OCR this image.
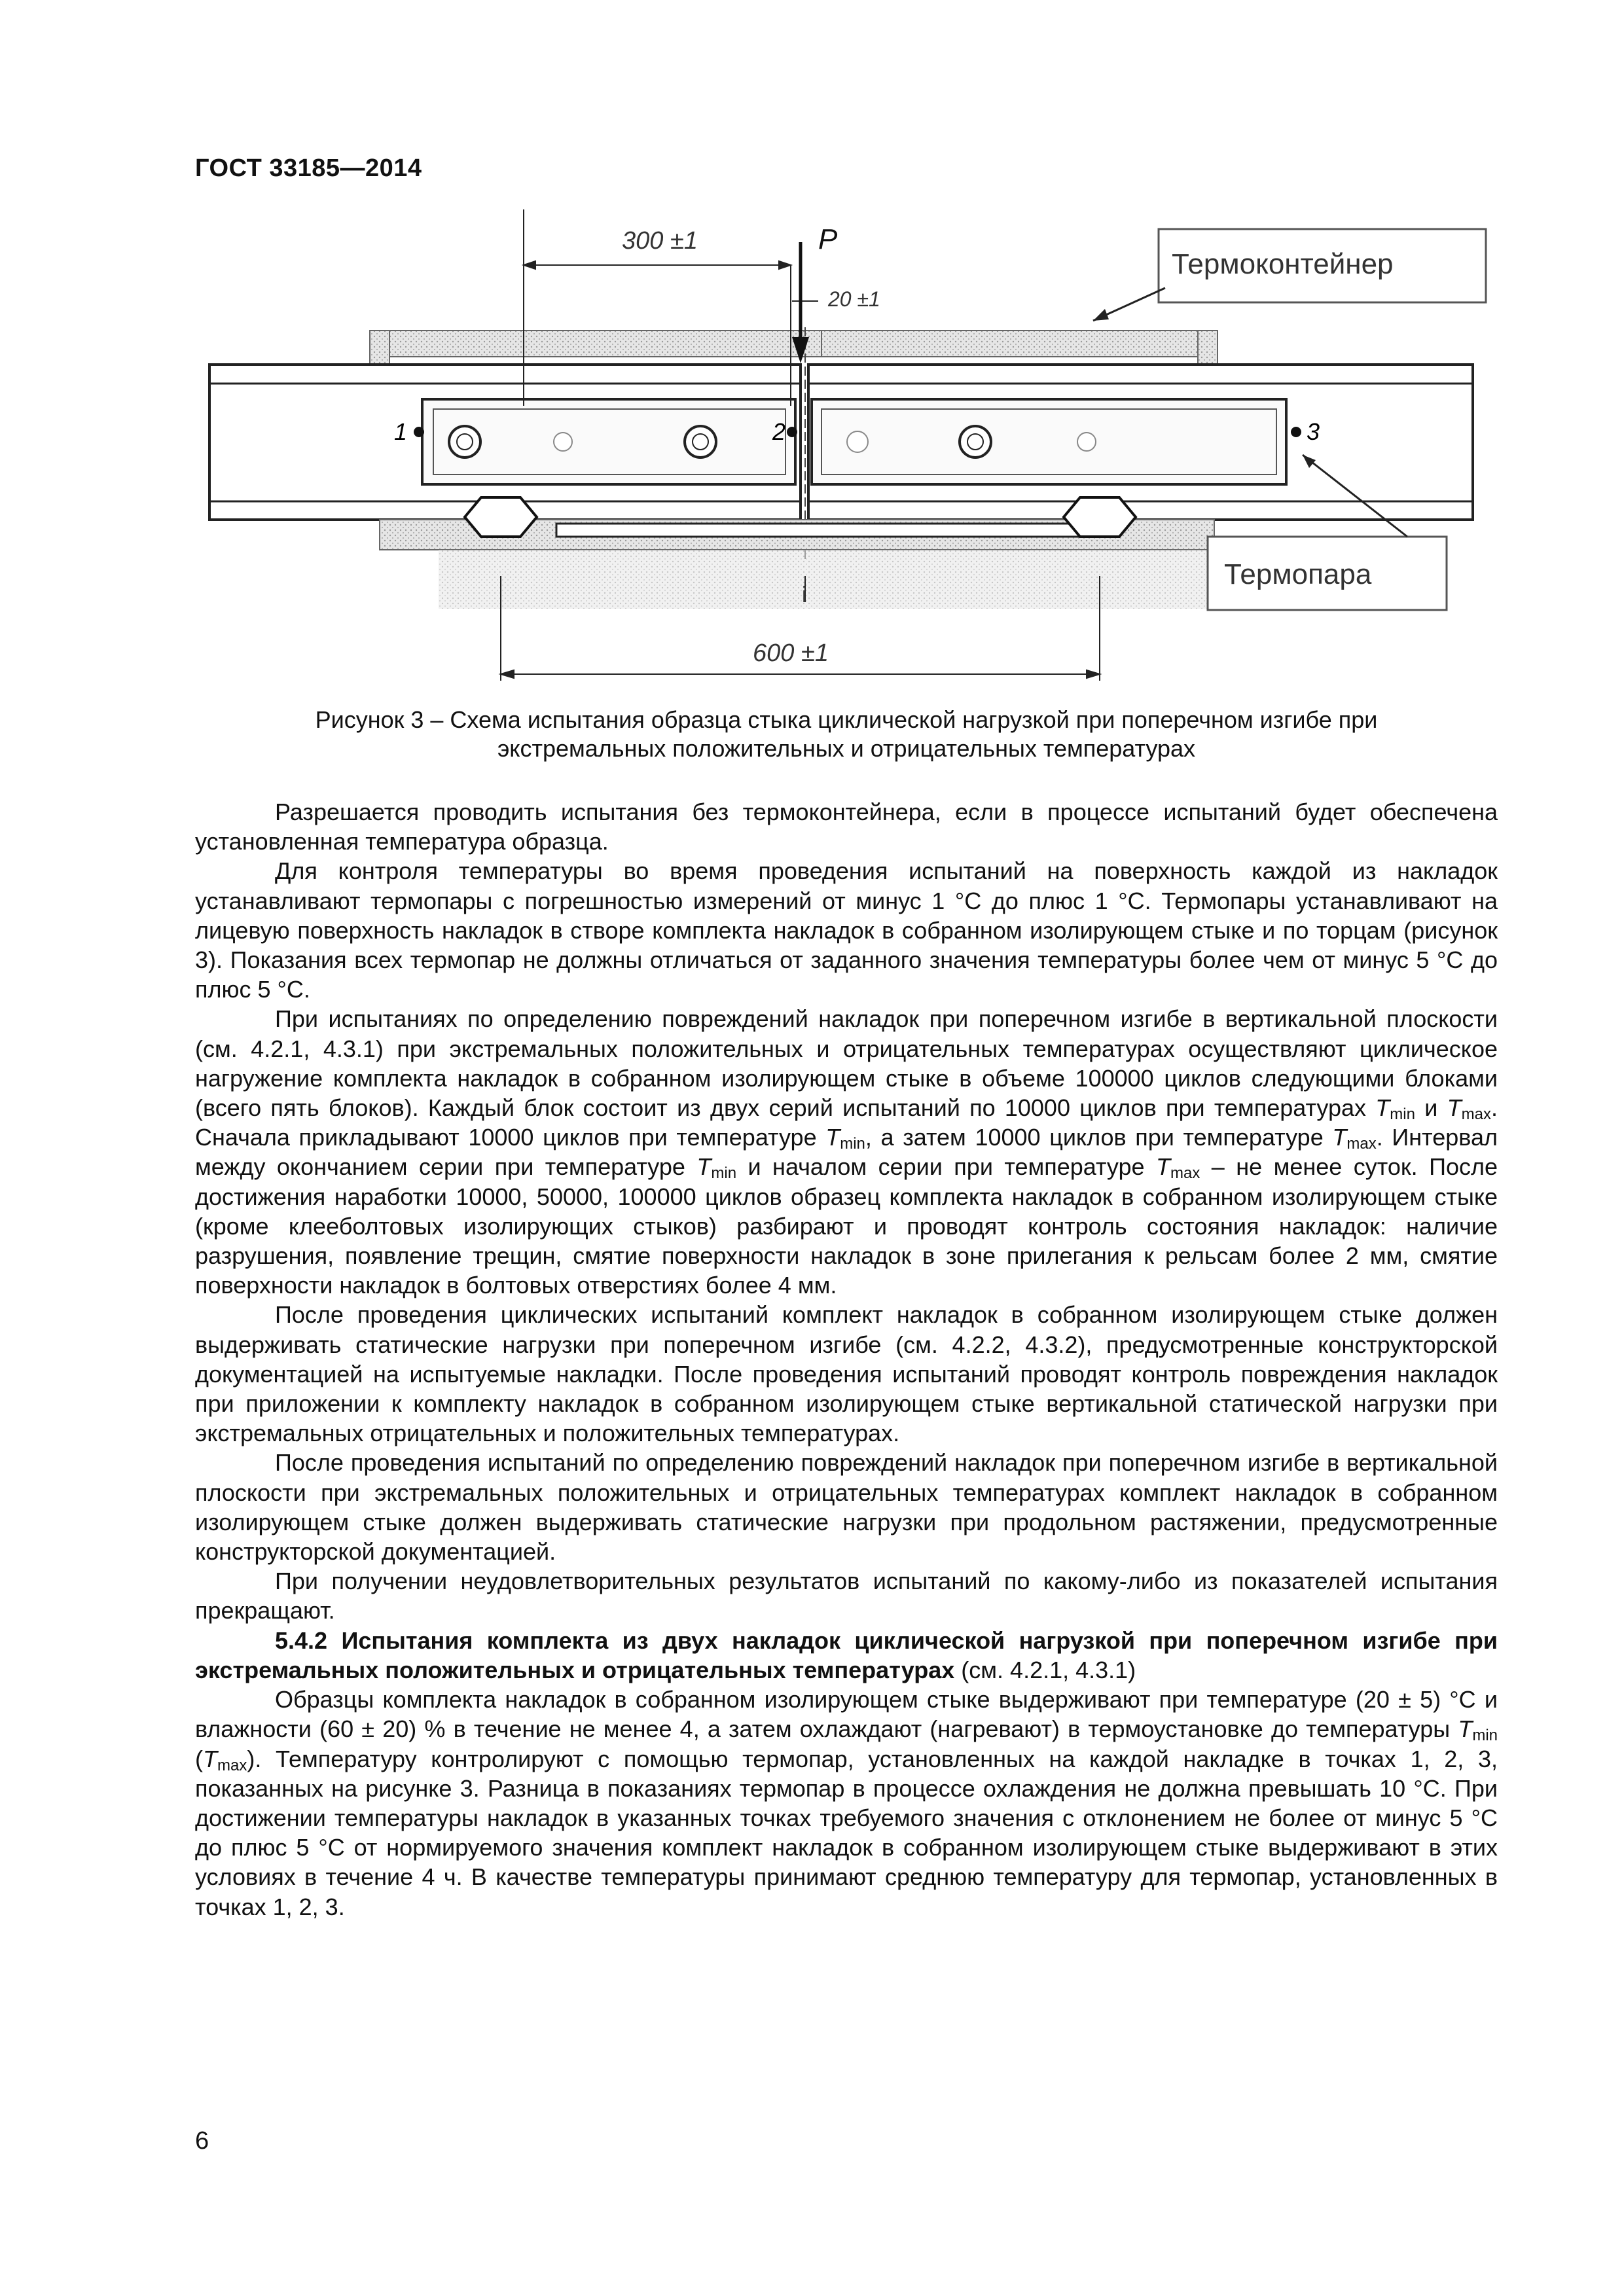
ГОСТ 33185—2014
1	2	3
300 ±1
20 ±1
600 ±1
i
P
Термоконтейнер
Термопара
Рисунок 3 – Схема испытания образца стыка циклической нагрузкой при поперечном изгибе при
экстремальных положительных и отрицательных температурах

Разрешается проводить испытания без термоконтейнера, если в процессе испытаний будет обеспечена установленная температура образца.

Для контроля температуры во время проведения испытаний на поверхность каждой из накладок устанавливают термопары с погрешностью измерений от минус 1 °С до плюс 1 °С. Термопары устанавливают на лицевую поверхность накладок в створе комплекта накладок в собранном изолирующем стыке и по торцам (рисунок 3). Показания всех термопар не должны отличаться от заданного значения температуры более чем от минус 5 °С до плюс 5 °С.

При испытаниях по определению повреждений накладок при поперечном изгибе в вертикальной плоскости (см. 4.2.1, 4.3.1) при экстремальных положительных и отрицательных температурах осуществляют циклическое нагружение комплекта накладок в собранном изолирующем стыке в объеме 100000 циклов следующими блоками (всего пять блоков). Каждый блок состоит из двух серий испытаний по 10000 циклов при температурах $T_{min}$ и $T_{max}$. Сначала прикладывают 10000 циклов при температуре $T_{min}$, а затем 10000 циклов при температуре $T_{max}$. Интервал между окончанием серии при температуре $T_{min}$ и началом серии при температуре $T_{max}$ – не менее суток. После достижения наработки 10000, 50000, 100000 циклов образец комплекта накладок в собранном изолирующем стыке (кроме клееболтовых изолирующих стыков) разбирают и проводят контроль состояния накладок: наличие разрушения, появление трещин, смятие поверхности накладок в зоне прилегания к рельсам более 2 мм, смятие поверхности накладок в болтовых отверстиях более 4 мм.

После проведения циклических испытаний комплект накладок в собранном изолирующем стыке должен выдерживать статические нагрузки при поперечном изгибе (см. 4.2.2, 4.3.2), предусмотренные конструкторской документацией на испытуемые накладки. После проведения испытаний проводят контроль повреждения накладок при приложении к комплекту накладок в собранном изолирующем стыке вертикальной статической нагрузки при экстремальных отрицательных и положительных температурах.

После проведения испытаний по определению повреждений накладок при поперечном изгибе в вертикальной плоскости при экстремальных положительных и отрицательных температурах комплект накладок в собранном изолирующем стыке должен выдерживать статические нагрузки при продольном растяжении, предусмотренные конструкторской документацией.

При получении неудовлетворительных результатов испытаний по какому-либо из показателей испытания прекращают.

5.4.2 Испытания комплекта из двух накладок циклической нагрузкой при поперечном изгибе при экстремальных положительных и отрицательных температурах (см. 4.2.1, 4.3.1)

Образцы комплекта накладок в собранном изолирующем стыке выдерживают при температуре (20 ± 5) °С и влажности (60 ± 20) % в течение не менее 4, а затем охлаждают (нагревают) в термоустановке до температуры $T_{min}$ $(T_{max})$. Температуру контролируют с помощью термопар, установленных на каждой накладке в точках 1, 2, 3, показанных на рисунке 3. Разница в показаниях термопар в процессе охлаждения не должна превышать 10 °С. При достижении температуры накладок в указанных точках требуемого значения с отклонением не более от минус 5 °С до плюс 5 °С от нормируемого значения комплект накладок в собранном изолирующем стыке выдерживают в этих условиях в течение 4 ч. В качестве температуры принимают среднюю температуру для термопар, установленных в точках 1, 2, 3.

6
